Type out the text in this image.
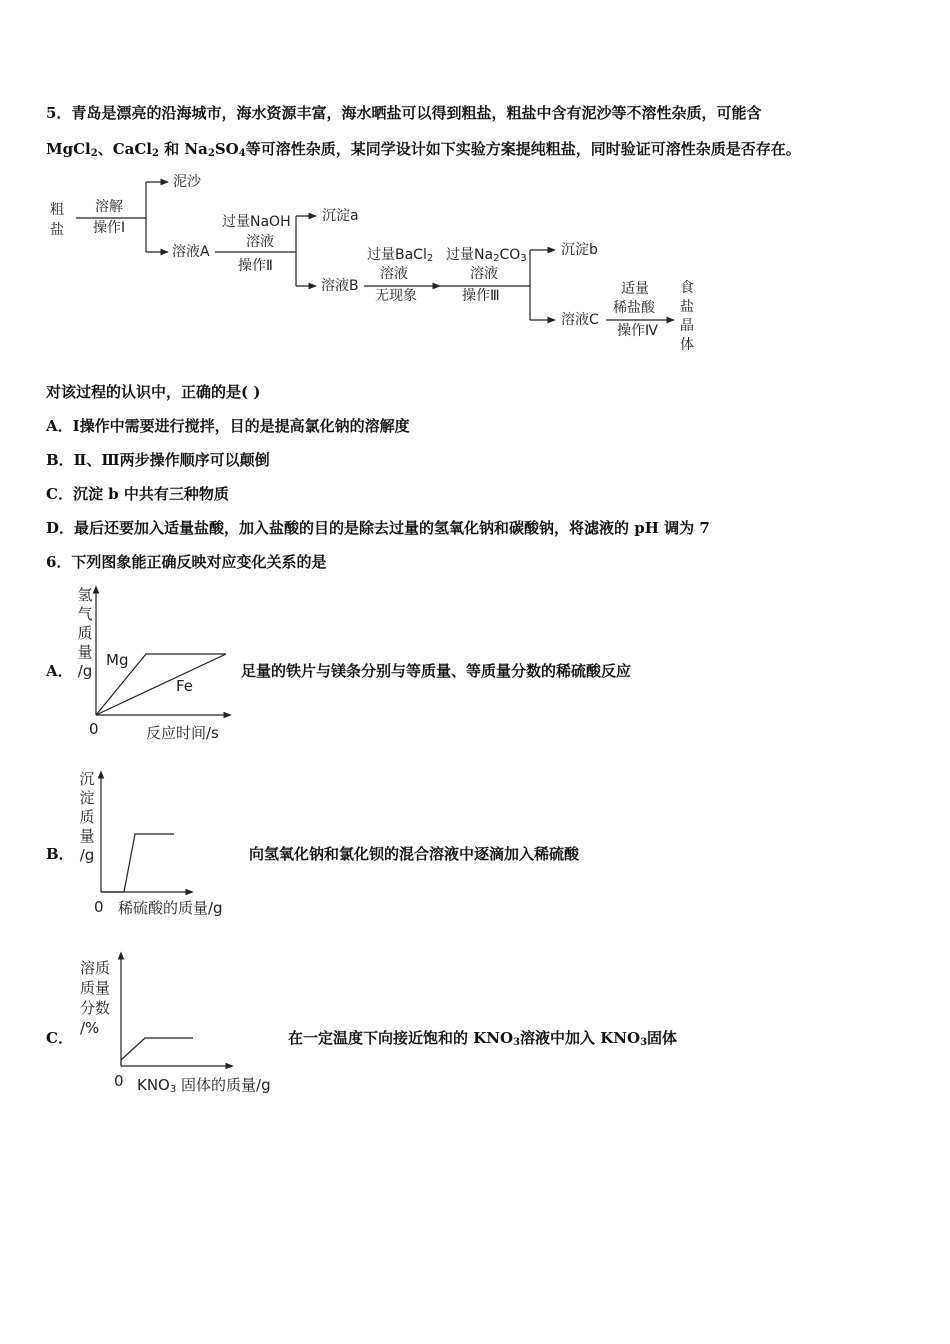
5．青岛是漂亮的沿海城市，海水资源丰富，海水晒盐可以得到粗盐，粗盐中含有泥沙等不溶性杂质，可能含
MgCl$_2$、CaCl$_2$ 和 $Na_2SO_4$等可溶性杂质，某同学设计如下实验方案提纯粗盐，同时验证可溶性杂质是否存在。
粗
盐
溶解
操作Ⅰ
泥沙
溶液A
过量NaOH
溶液
操作Ⅱ
沉淀a
溶液B
过量BaCl$_2$
溶液
无现象
过量$Na_2CO_3$
溶液
操作Ⅲ
沉淀b
溶液C
适量
稀盐酸
操作Ⅳ
食
盐
晶
体
对该过程的认识中，正确的是( )
A．Ⅰ操作中需要进行搅拌，目的是提高氯化钠的溶解度
B．Ⅱ、Ⅲ两步操作顺序可以颠倒
C．沉淀 b 中共有三种物质
D．最后还要加入适量盐酸，加入盐酸的目的是除去过量的氢氧化钠和碳酸钠，将滤液的 pH 调为 7
6．下列图象能正确反映对应变化关系的是
A．
氢
气
质
量
/g
0	反应时间/s
Mg
Fe
足量的铁片与镁条分别与等质量、等质量分数的稀硫酸反应
B．
沉
淀
质
量
/g
0 稀硫酸的质量/g
向氢氧化钠和氯化钡的混合溶液中逐滴加入稀硫酸
C．
溶质
质量
分数
/%
0 $KNO_3$ 固体的质量/g
在一定温度下向接近饱和的 $KNO_3$溶液中加入 $KNO_3$固体
